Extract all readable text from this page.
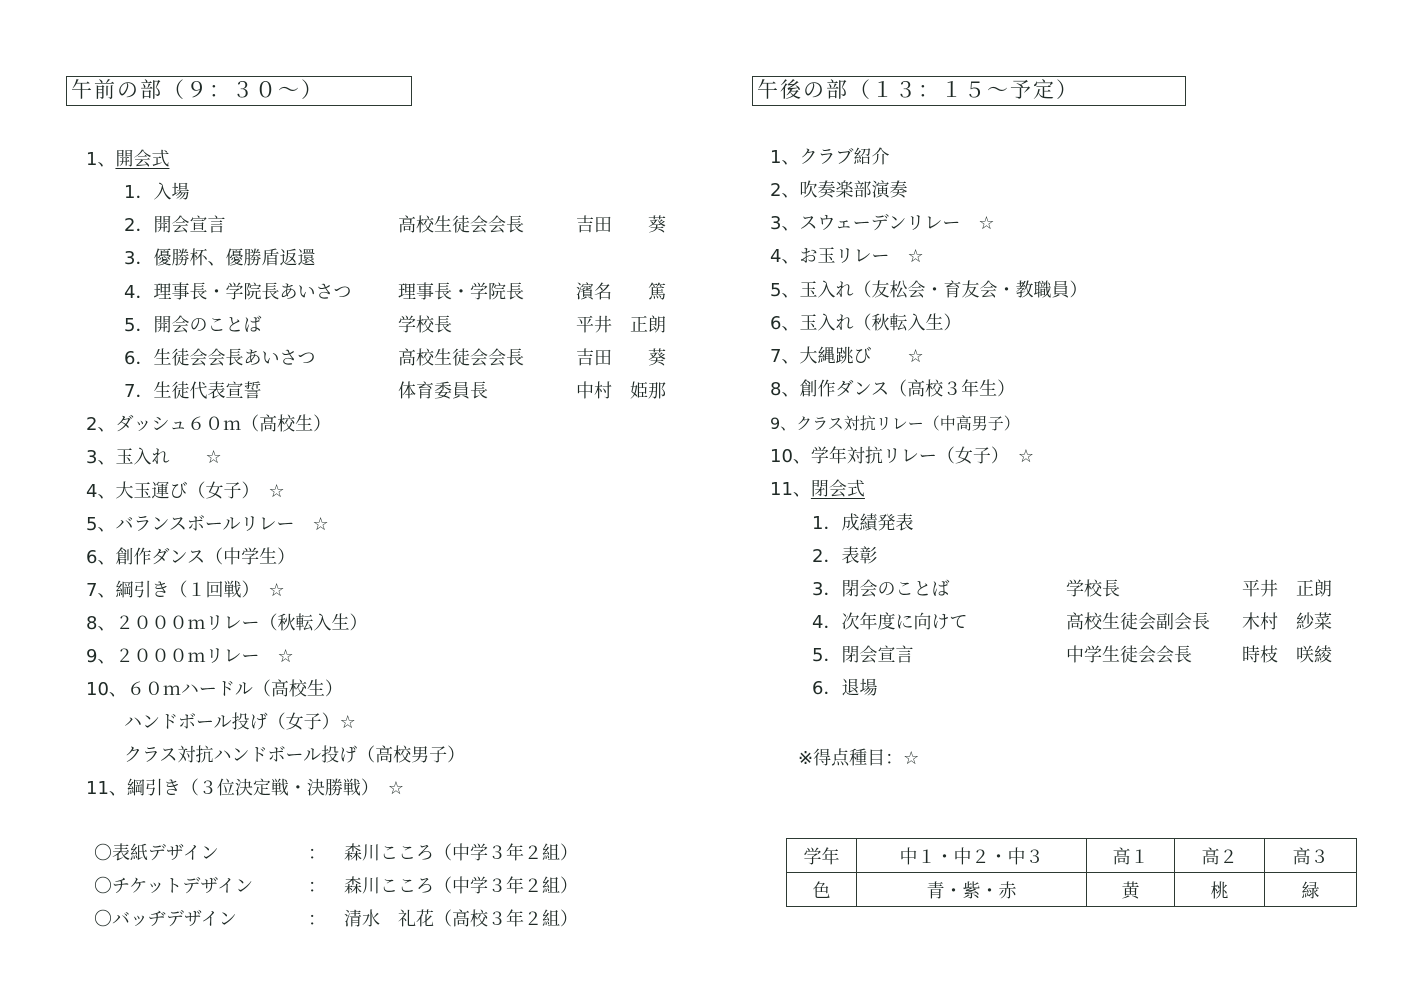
午前の部（９：３０～）
1、開会式
1．入場
2．開会宣言	高校生徒会会長	吉田　　葵
3．優勝杯、優勝盾返還
4．理事長・学院長あいさつ	理事長・学院長	濱名　　篤
5．開会のことば	学校長	平井　正朗
6．生徒会会長あいさつ	高校生徒会会長	吉田　　葵
7．生徒代表宣誓	体育委員長	中村　姫那
2、ダッシュ６０ｍ（高校生）
3、玉入れ　　☆
4、大玉運び（女子）　☆
5、バランスボールリレー　☆
6、創作ダンス（中学生）
7、綱引き（１回戦）　☆
8、２０００ｍリレー（秋転入生）
9、２０００ｍリレー　☆
10、６０ｍハードル（高校生）
ハンドボール投げ（女子）☆
クラス対抗ハンドボール投げ（高校男子）
11、綱引き（３位決定戦・決勝戦）　☆
〇表紙デザイン	： 森川こころ（中学３年２組）
〇チケットデザイン	： 森川こころ（中学３年２組）
〇バッヂデザイン	： 清水　礼花（高校３年２組）
午後の部（１３：１５～予定）
1、クラブ紹介
2、吹奏楽部演奏
3、スウェーデンリレー　☆
4、お玉リレー　☆
5、玉入れ（友松会・育友会・教職員）
6、玉入れ（秋転入生）
7、大縄跳び　　☆
8、創作ダンス（高校３年生）
9、クラス対抗リレー（中高男子）
10、学年対抗リレー（女子）　☆
11、閉会式
1．成績発表
2．表彰
3．閉会のことば	学校長	平井　正朗
4．次年度に向けて	高校生徒会副会長 木村　紗菜
5．閉会宣言	中学生徒会会長	時枝　咲綾
6．退場
※得点種目：☆
学年	中１・中２・中３	高１	高２	高３
色	青・紫・赤	黄	桃	緑
